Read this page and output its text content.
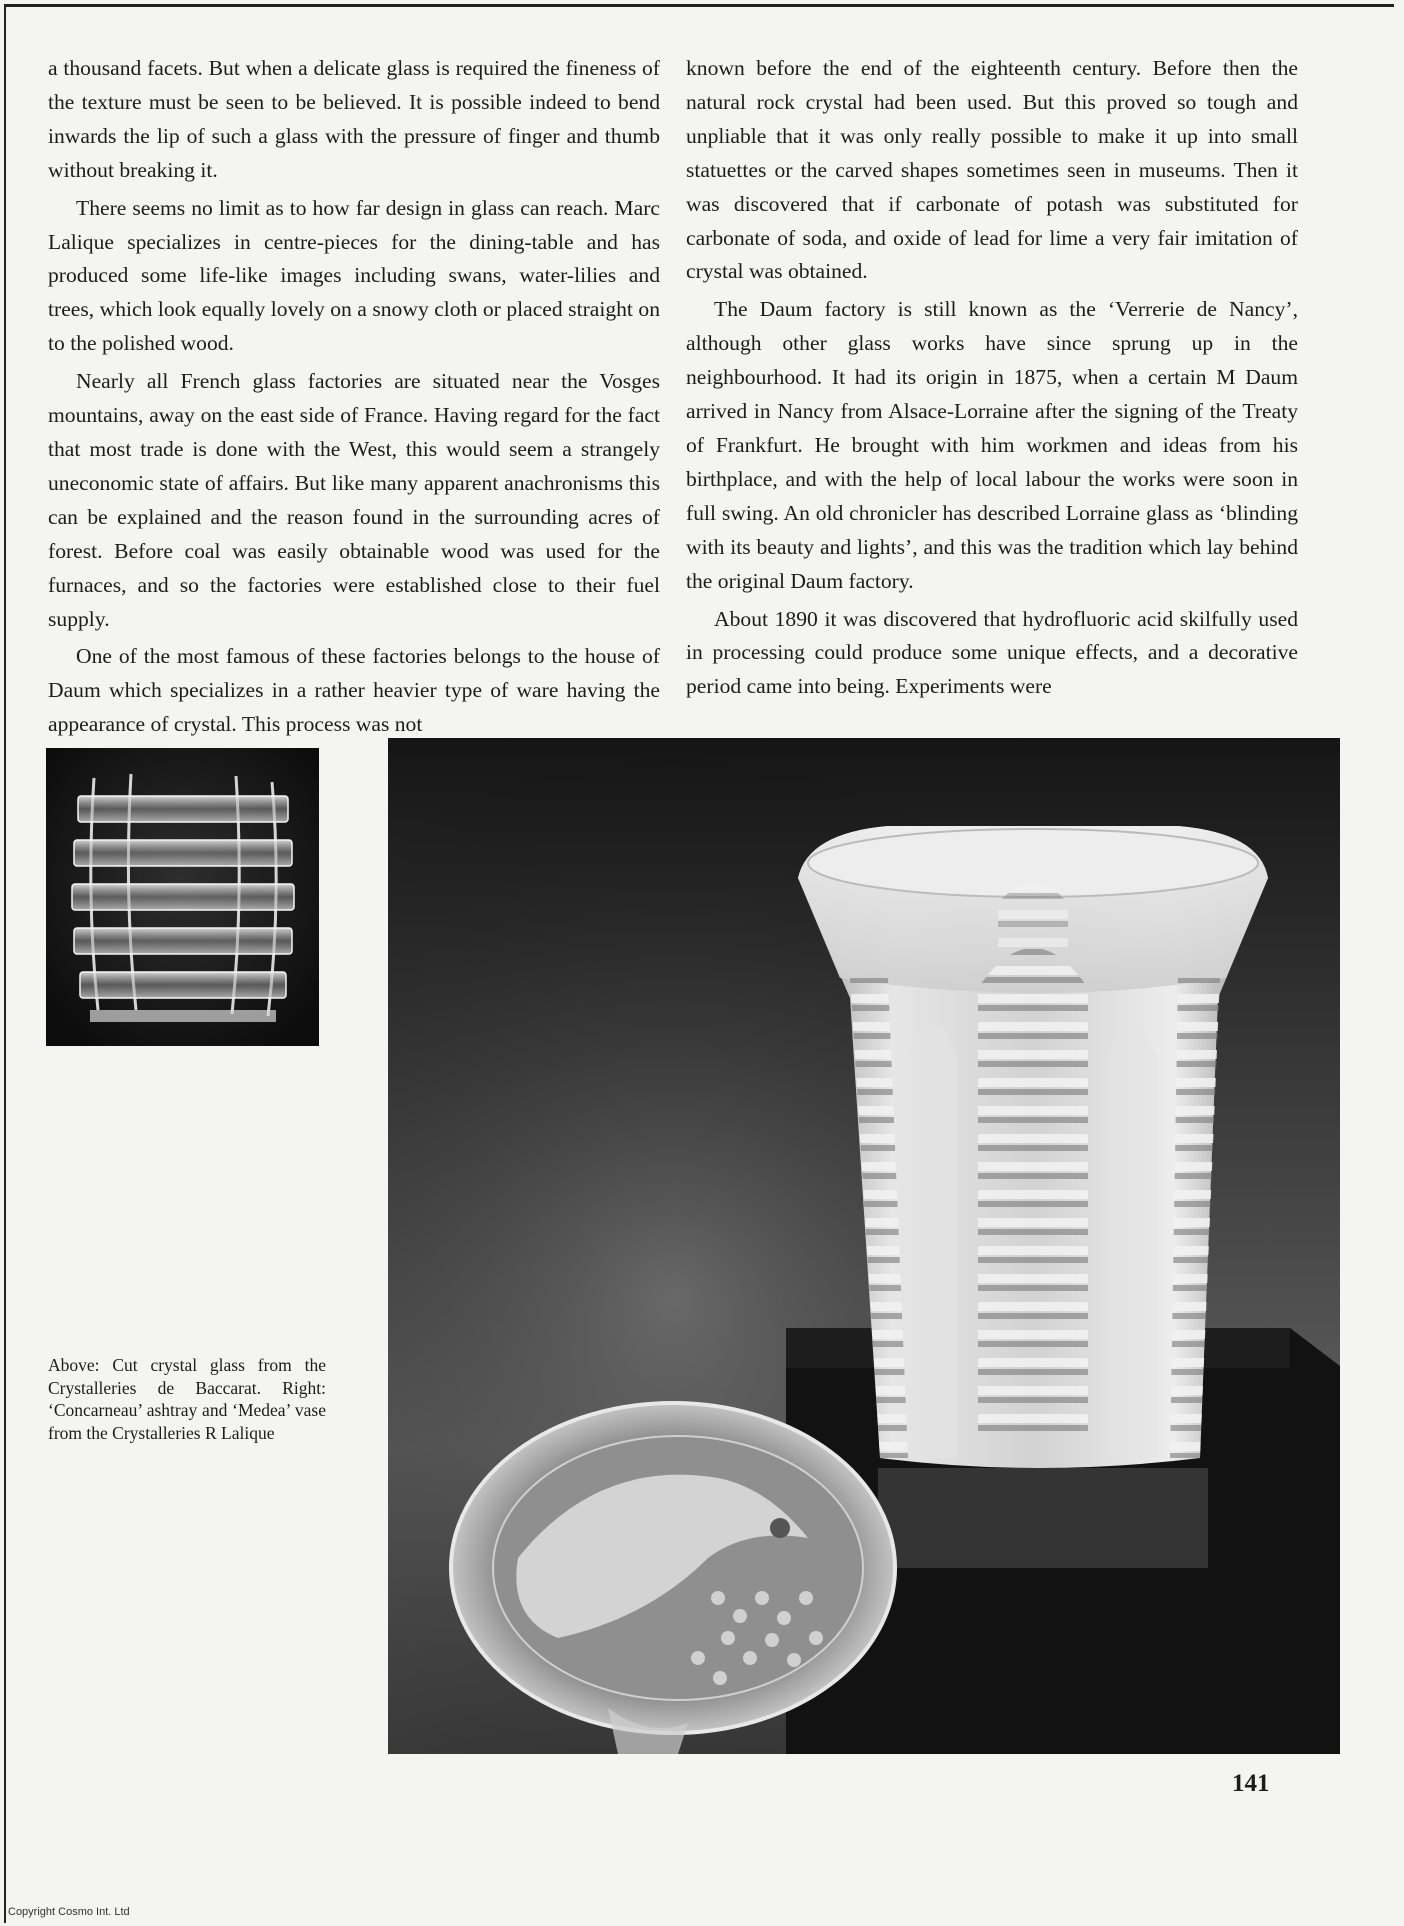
a thousand facets. But when a delicate glass is required the fineness of the texture must be seen to be believed. It is possible indeed to bend inwards the lip of such a glass with the pressure of finger and thumb without breaking it.

There seems no limit as to how far design in glass can reach. Marc Lalique specializes in centre-pieces for the dining-table and has produced some life-like images including swans, water-lilies and trees, which look equally lovely on a snowy cloth or placed straight on to the polished wood.

Nearly all French glass factories are situated near the Vosges mountains, away on the east side of France. Having regard for the fact that most trade is done with the West, this would seem a strangely uneconomic state of affairs. But like many apparent anachronisms this can be explained and the reason found in the surrounding acres of forest. Before coal was easily obtainable wood was used for the furnaces, and so the factories were established close to their fuel supply.

One of the most famous of these factories belongs to the house of Daum which specializes in a rather heavier type of ware having the appearance of crystal. This process was not

known before the end of the eighteenth century. Before then the natural rock crystal had been used. But this proved so tough and unpliable that it was only really possible to make it up into small statuettes or the carved shapes sometimes seen in museums. Then it was discovered that if carbonate of potash was substituted for carbonate of soda, and oxide of lead for lime a very fair imitation of crystal was obtained.

The Daum factory is still known as the ‘Verrerie de Nancy’, although other glass works have since sprung up in the neighbourhood. It had its origin in 1875, when a certain M Daum arrived in Nancy from Alsace-Lorraine after the signing of the Treaty of Frankfurt. He brought with him workmen and ideas from his birthplace, and with the help of local labour the works were soon in full swing. An old chronicler has described Lorraine glass as ‘blinding with its beauty and lights’, and this was the tradition which lay behind the original Daum factory.

About 1890 it was discovered that hydrofluoric acid skilfully used in processing could produce some unique effects, and a decorative period came into being. Experiments were

Above: Cut crystal glass from the Crystalleries de Baccarat. Right: ‘Concarneau’ ashtray and ‘Medea’ vase from the Crystalleries R Lalique
141
Copyright Cosmo Int. Ltd
